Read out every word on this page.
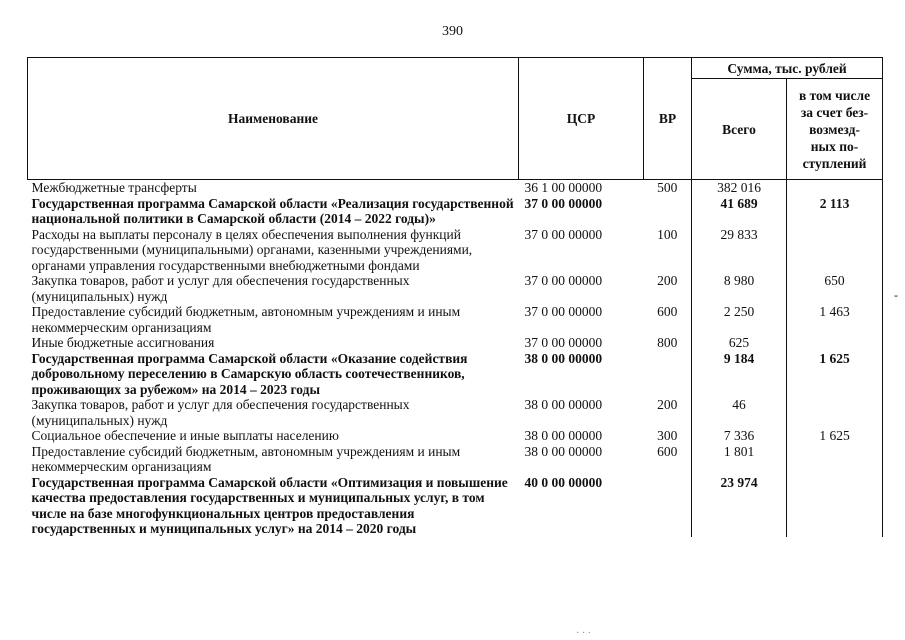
390
Наименование	ЦСР	ВР	Сумма, тыс. рублей	
			Всего	в том числе
за счет без-
возмезд-
ных по-
ступлений

Межбюджетные трансферты	36 1 00 00000	500	382 016	
Государственная программа Самарской области «Реализация государственной национальной политики в Самарской области (2014 – 2022 годы)»	37 0 00 00000		41 689	2 113
Расходы на выплаты персоналу в целях обеспечения выполнения функций государственными (муниципальными) органами, казенными учреждениями, органами управления государственными внебюджетными фондами	37 0 00 00000	100	29 833	
Закупка товаров, работ и услуг для обеспечения государственных (муниципальных) нужд	37 0 00 00000	200	8 980	650
Предоставление субсидий бюджетным, автономным учреждениям и иным некоммерческим организациям	37 0 00 00000	600	2 250	1 463
Иные бюджетные ассигнования	37 0 00 00000	800	625	
Государственная программа Самарской области «Оказание содействия добровольному переселению в Самарскую область соотечественников, проживающих за рубежом» на 2014 – 2023 годы	38 0 00 00000		9 184	1 625
Закупка товаров, работ и услуг для обеспечения государственных (муниципальных) нужд	38 0 00 00000	200	46	
Социальное обеспечение и иные выплаты населению	38 0 00 00000	300	7 336	1 625
Предоставление субсидий бюджетным, автономным учреждениям и иным некоммерческим организациям	38 0 00 00000	600	1 801	
Государственная программа Самарской области «Оптимизация и повышение качества предоставления государственных и муниципальных услуг, в том числе на базе многофункциональных центров предоставления государственных и муниципальных услуг» на 2014 – 2020 годы	40 0 00 00000		23 974	
-
· · ·
